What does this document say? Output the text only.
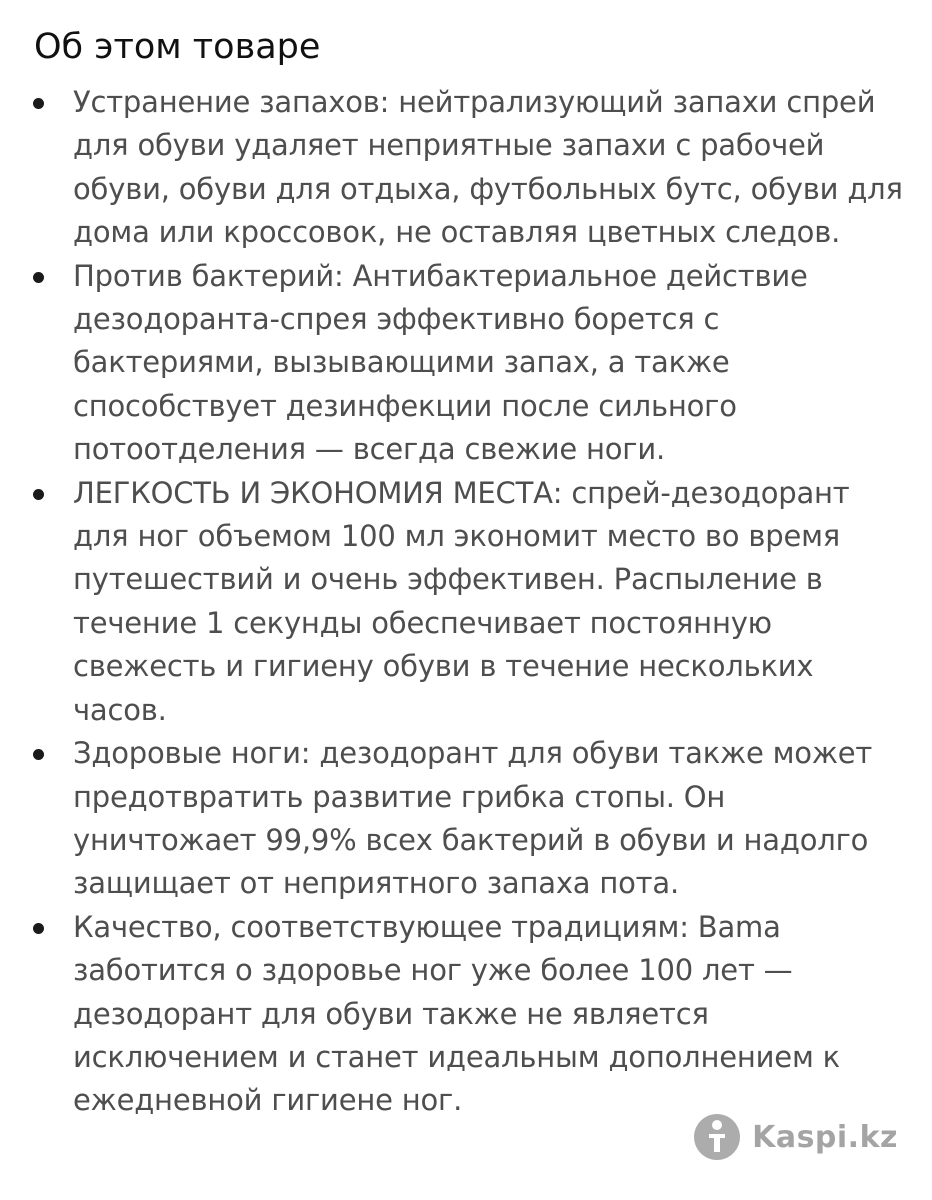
Об этом товаре
Устранение запахов: нейтрализующий запахи спрей для обуви удаляет неприятные запахи с рабочей обуви, обуви для отдыха, футбольных бутс, обуви для дома или кроссовок, не оставляя цветных следов.
Против бактерий: Антибактериальное действие дезодоранта-спрея эффективно борется с бактериями, вызывающими запах, а также способствует дезинфекции после сильного потоотделения — всегда свежие ноги.
ЛЕГКОСТЬ И ЭКОНОМИЯ МЕСТА: спрей-дезодорант для ног объемом 100 мл экономит место во время путешествий и очень эффективен. Распыление в течение 1 секунды обеспечивает постоянную свежесть и гигиену обуви в течение нескольких часов.
Здоровые ноги: дезодорант для обуви также может предотвратить развитие грибка стопы. Он уничтожает 99,9% всех бактерий в обуви и надолго защищает от неприятного запаха пота.
Качество, соответствующее традициям: Bama заботится о здоровье ног уже более 100 лет — дезодорант для обуви также не является исключением и станет идеальным дополнением к ежедневной гигиене ног.
Kaspi.kz
